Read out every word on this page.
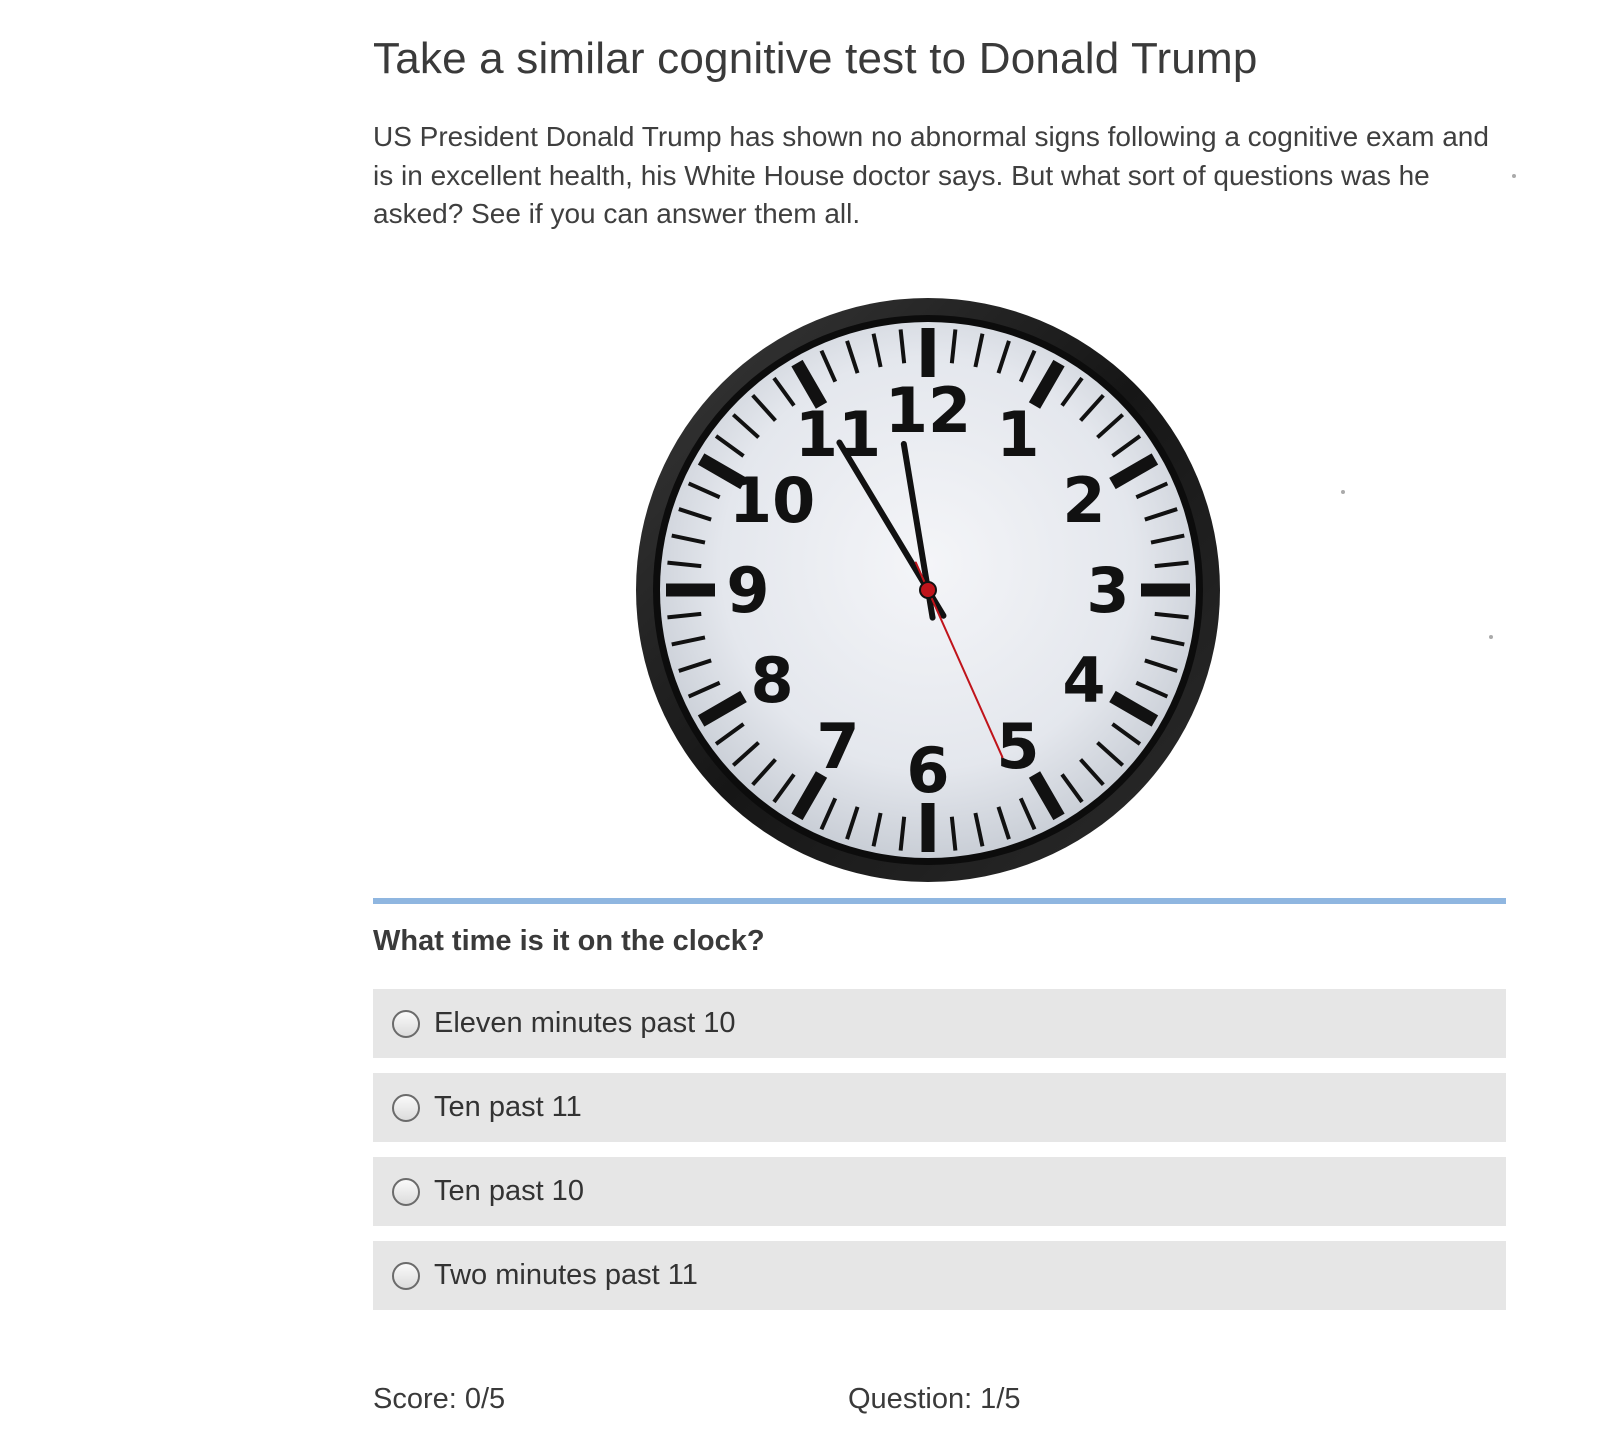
Take a similar cognitive test to Donald Trump

US President Donald Trump has shown no abnormal signs following a cognitive exam and is in excellent health, his White House doctor says. But what sort of questions was he asked? See if you can answer them all.

12 1
2
3
4
5
6
7
8
9
10
11

What time is it on the clock?

Eleven minutes past 10
Ten past 11
Ten past 10
Two minutes past 11
Score: 0/5	Question: 1/5
